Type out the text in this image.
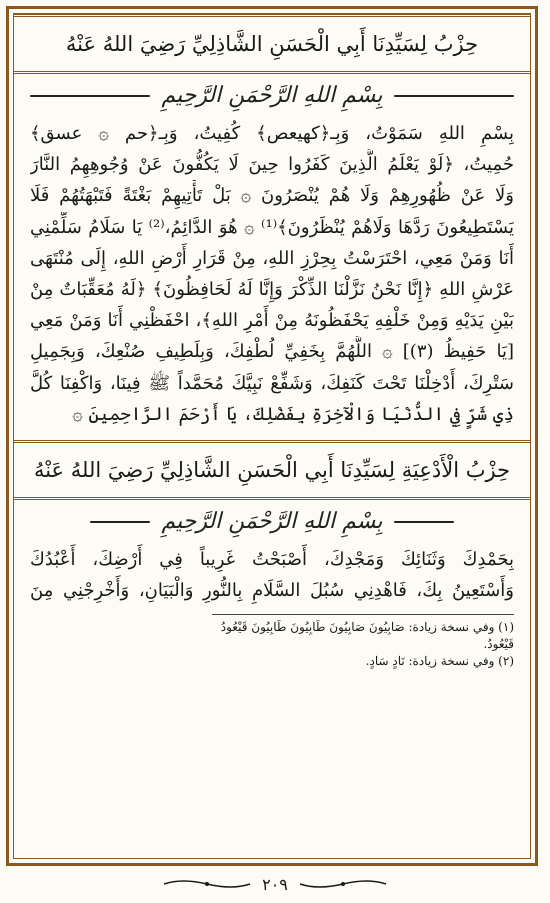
حِزْبُ لِسَيِّدِنَا أَبِي الْحَسَنِ الشَّاذِلِيِّ رَضِيَ اللهُ عَنْهُ
بِسْمِ اللهِ الرَّحْمَنِ الرَّحِيمِ
بِسْمِ اللهِ سَمَوْتُ، وَبِـ﴿كهيعص﴾ كُفِيتُ، وَبِـ﴿حم ۞ عسق﴾
حُمِيتُ، ﴿لَوْ يَعْلَمُ الَّذِينَ كَفَرُوا حِينَ لَا يَكُفُّونَ عَنْ وُجُوهِهِمُ النَّارَ
وَلَا عَنْ ظُهُورِهِمْ وَلَا هُمْ يُنْصَرُونَ ۞ بَلْ تَأْتِيهِمْ بَغْتَةً فَتَبْهَتُهُمْ فَلَا
يَسْتَطِيعُونَ رَدَّهَا وَلَاهُمْ يُنْظَرُونَ﴾⁽¹⁾ ۞ هُوَ الدَّائِمُ،⁽²⁾ يَا سَلَامُ سَلِّمْنِي
أَنَا وَمَنْ مَعِي، احْتَرَسْتُ بِحِرْزِ اللهِ، مِنْ قَرَارِ أَرْضِ اللهِ، إِلَى مُنْتَهَى
عَرْشِ اللهِ ﴿إِنَّا نَحْنُ نَزَّلْنَا الذِّكْرَ وَإِنَّا لَهُ لَحَافِظُونَ﴾ ﴿لَهُ مُعَقِّبَاتٌ مِنْ
بَيْنِ يَدَيْهِ وَمِنْ خَلْفِهِ يَحْفَظُونَهُ مِنْ أَمْرِ اللهِ﴾، احْفَظْنِي أَنَا وَمَنْ مَعِي
[يَا حَفِيظُ (٣)] ۞ اللَّهُمَّ بِخَفِيِّ لُطْفِكَ، وَبِلَطِيفِ صُنْعِكَ، وَبِجَمِيلِ
سَتْرِكَ، أَدْخِلْنَا تَحْتَ كَنَفِكَ، وَشَفِّعْ نَبِيَّكَ مُحَمَّداً ﷺ فِينَا، وَاكْفِنَا كُلَّ
ذِي شَرٍّ فِي الدُّنْيَا وَالْآخِرَةِ بِفَضْلِكَ، يَا أَرْحَمَ الرَّاحِمِينَ ۞
حِزْبُ الْأَدْعِيَةِ لِسَيِّدِنَا أَبِي الْحَسَنِ الشَّاذِلِيِّ رَضِيَ اللهُ عَنْهُ
بِسْمِ اللهِ الرَّحْمَنِ الرَّحِيمِ
بِحَمْدِكَ وَثَنَائِكَ وَمَجْدِكَ، أَصْبَحْتُ غَرِيباً فِي أَرْضِكَ، أَعْبُدُكَ
وَأَسْتَعِينُ بِكَ، فَاهْدِنِي سُبُلَ السَّلَامِ بِالنُّورِ وَالْبَيَانِ، وَأَخْرِجْنِي مِنَ
(١) وفي نسخة زيادة: صَابِيُونَ صَابِيُونَ طَابِيُونَ طَابِيُونَ قَيْعُودُ قَيْعُودُ.
(٢) وفي نسخة زيادة: نَادٍ سَادٍ.
٢٠٩
